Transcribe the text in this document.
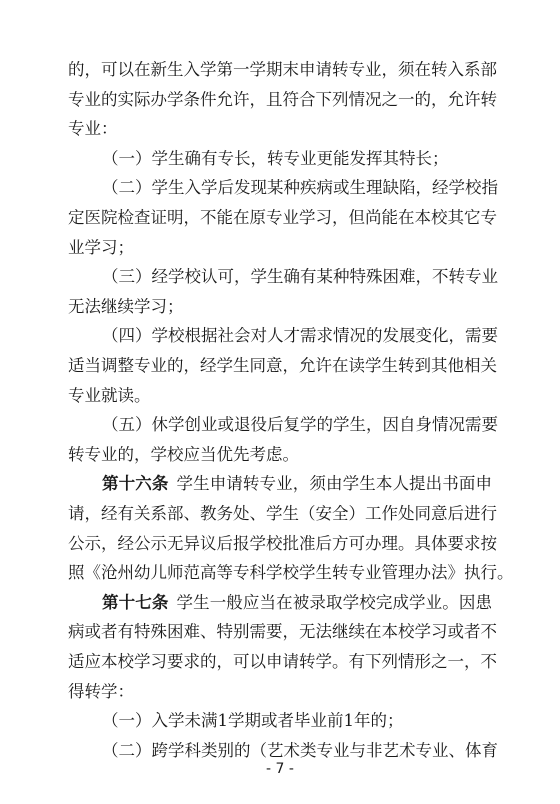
的，可以在新生入学第一学期末申请转专业，须在转入系部
专业的实际办学条件允许，且符合下列情况之一的，允许转
专业：
（一）学生确有专长，转专业更能发挥其特长；
（二）学生入学后发现某种疾病或生理缺陷，经学校指
定医院检查证明，不能在原专业学习，但尚能在本校其它专
业学习；
（三）经学校认可，学生确有某种特殊困难，不转专业
无法继续学习；
（四）学校根据社会对人才需求情况的发展变化，需要
适当调整专业的，经学生同意，允许在读学生转到其他相关
专业就读。
（五）休学创业或退役后复学的学生，因自身情况需要
转专业的，学校应当优先考虑。
第十六条 学生申请转专业，须由学生本人提出书面申
请，经有关系部、教务处、学生（安全）工作处同意后进行
公示，经公示无异议后报学校批准后方可办理。具体要求按
照《沧州幼儿师范高等专科学校学生转专业管理办法》执行。
第十七条 学生一般应当在被录取学校完成学业。因患
病或者有特殊困难、特别需要，无法继续在本校学习或者不
适应本校学习要求的，可以申请转学。有下列情形之一，不
得转学：
（一）入学未满1学期或者毕业前1年的；
（二）跨学科类别的（艺术类专业与非艺术专业、体育
- 7 -
